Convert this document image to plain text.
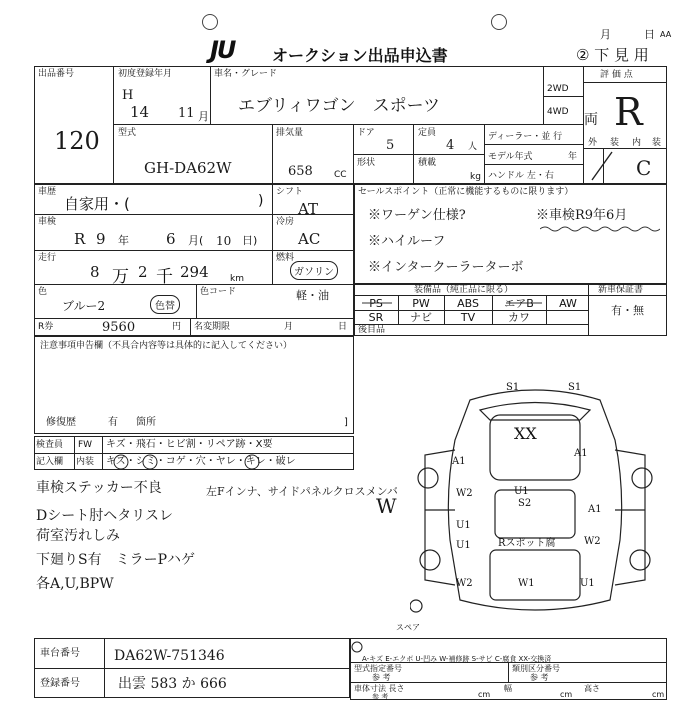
JU オークション出品申込書
月	日 AA
② 下 見 用
出品番号
120
初度登録年月
H
14 11 月
車名・グレード
エブリィワゴン　スポーツ
2WD
4WD
評 価 点
両 R
外 装 内 装
C
型式
GH-DA62W
排気量
658 CC
ドア
5
定員
4 人
形状	積載
kg
ディーラー・並 行
モデル年式	年
ハンドル 左・右
車歴
自家用・(	)
車検
R 9 年 6 月( 10 日)
走行
8 万 2 千 294 km
色
ブルー2	色替
色コード
シフト
AT
冷房
AC
燃料
ガソリン
軽・油
R券	9560	円 名変期限	月	日
セールスポイント（正常に機能するものに限ります）
※ワーゲン仕様?	※車検R9年6月
※ハイルーフ
※インタークーラーターボ
装備品（純正品に限る）	新車保証書
PS	PW	ABS	エアB	AW
SR	ナビ	TV	カワ
有・無
後目品
注意事項申告欄（不具合内容等は具体的に記入してください）
修復歴	有 箇所	]
検査員
記入欄
FW キズ・飛石・ヒビ割・リペア跡・X要
内装 キズ・シミ・コゲ・穴・ヤレ・キレ・破レ
車検ステッカー不良
Dシート肘ヘタリスレ
荷室汚れしみ
下廻りS有　ミラーPハゲ
各A,U,BPW
左Fインナ、サイドパネルクロスメンバ
W
S1	S1
XX
A1
A1
W2	U1
S2
A1
U1
U1	Rスポット腐	W2
W2	W1	U1
スペア
車台番号 DA62W-751346
登録番号	出雲 583 か 666
A-キズ E-エクボ U-凹み W-補修跡 S-サビ C-腐食 XX-交換済
型式指定番号
参 考
類別区分番号
参 考
車体寸法 長さ
参 考	cm
幅
cm
高さ
cm
